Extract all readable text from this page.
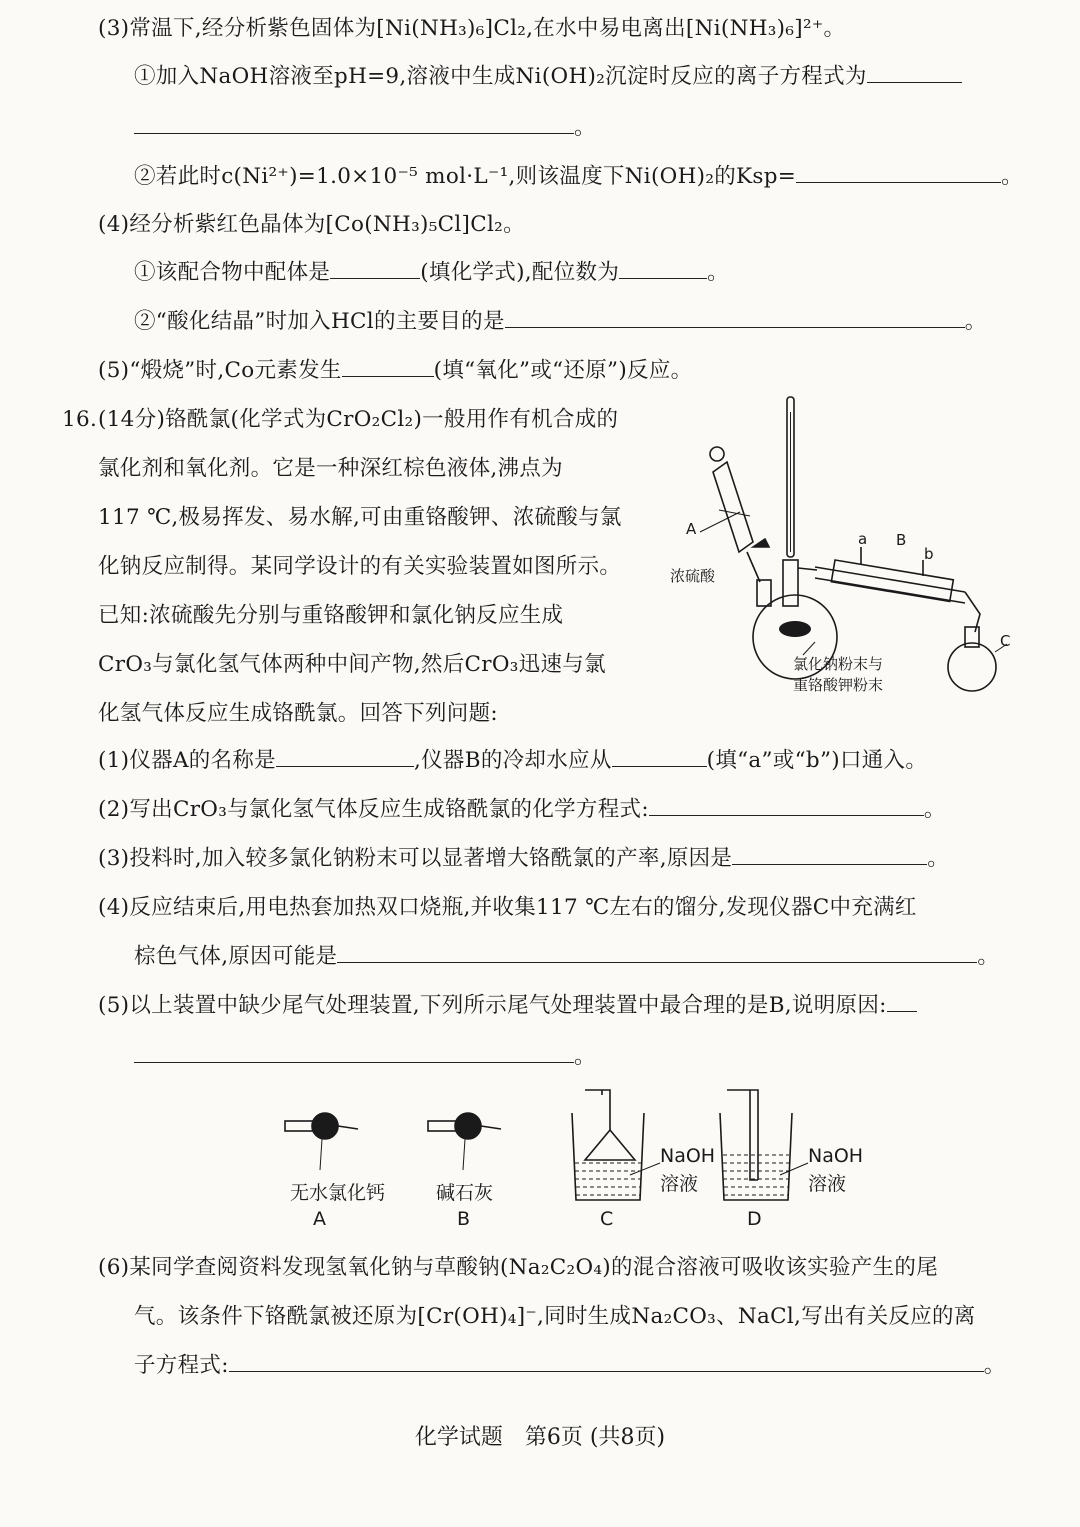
(3)常温下,经分析紫色固体为[Ni(NH₃)₆]Cl₂,在水中易电离出[Ni(NH₃)₆]²⁺。
①加入NaOH溶液至pH=9,溶液中生成Ni(OH)₂沉淀时反应的离子方程式为
。
②若此时c(Ni²⁺)=1.0×10⁻⁵ mol·L⁻¹,则该温度下Ni(OH)₂的Ksp=	。
(4)经分析紫红色晶体为[Co(NH₃)₅Cl]Cl₂。
①该配合物中配体是	(填化学式),配位数为	。
②“酸化结晶”时加入HCl的主要目的是	。
(5)“煅烧”时,Co元素发生	(填“氧化”或“还原”)反应。
16. (14分)铬酰氯(化学式为CrO₂Cl₂)一般用作有机合成的
氯化剂和氧化剂。它是一种深红棕色液体,沸点为
117 ℃,极易挥发、易水解,可由重铬酸钾、浓硫酸与氯
化钠反应制得。某同学设计的有关实验装置如图所示。
已知:浓硫酸先分别与重铬酸钾和氯化钠反应生成
CrO₃与氯化氢气体两种中间产物,然后CrO₃迅速与氯
化氢气体反应生成铬酰氯。回答下列问题:
A
浓硫酸
a B
b
C
氯化钠粉末与
重铬酸钾粉末
(1)仪器A的名称是	,仪器B的冷却水应从	(填“a”或“b”)口通入。
(2)写出CrO₃与氯化氢气体反应生成铬酰氯的化学方程式:	。
(3)投料时,加入较多氯化钠粉末可以显著增大铬酰氯的产率,原因是	。
(4)反应结束后,用电热套加热双口烧瓶,并收集117 ℃左右的馏分,发现仪器C中充满红
棕色气体,原因可能是	。
(5)以上装置中缺少尾气处理装置,下列所示尾气处理装置中最合理的是B,说明原因:
。
无水氯化钙
A
碱石灰
B
NaOH
溶液
C
NaOH
溶液
D
(6)某同学查阅资料发现氢氧化钠与草酸钠(Na₂C₂O₄)的混合溶液可吸收该实验产生的尾
气。该条件下铬酰氯被还原为[Cr(OH)₄]⁻,同时生成Na₂CO₃、NaCl,写出有关反应的离
子方程式:	。
化学试题　第6页 (共8页)
